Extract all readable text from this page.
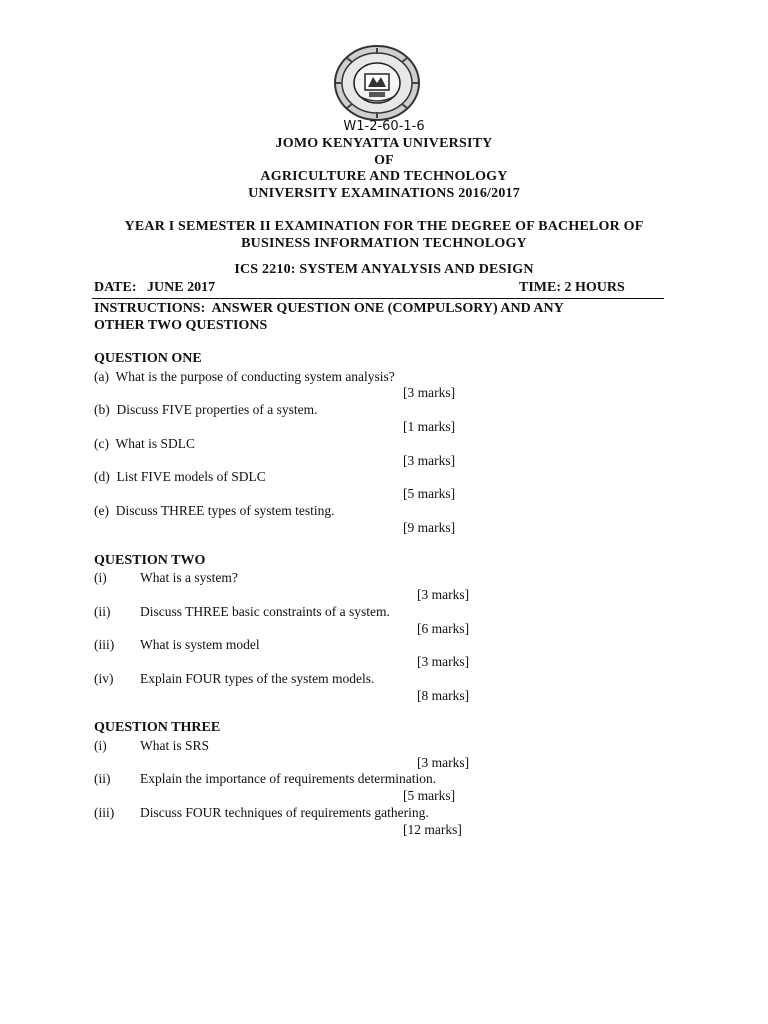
W1-2-60-1-6
JOMO KENYATTA UNIVERSITY
OF
AGRICULTURE AND TECHNOLOGY
UNIVERSITY EXAMINATIONS 2016/2017
YEAR I SEMESTER II EXAMINATION FOR THE DEGREE OF BACHELOR OF
BUSINESS INFORMATION TECHNOLOGY
ICS 2210: SYSTEM ANYALYSIS AND DESIGN
DATE:   JUNE 2017	TIME: 2 HOURS
INSTRUCTIONS:  ANSWER QUESTION ONE (COMPULSORY) AND ANY
OTHER TWO QUESTIONS
QUESTION ONE
(a)  What is the purpose of conducting system analysis?
[3 marks]
(b)  Discuss FIVE properties of a system.
[1 marks]
(c)  What is SDLC
[3 marks]
(d)  List FIVE models of SDLC
[5 marks]
(e)  Discuss THREE types of system testing.
[9 marks]
QUESTION TWO
(i) What is a system?
[3 marks]
(ii) Discuss THREE basic constraints of a system.
[6 marks]
(iii) What is system model
[3 marks]
(iv) Explain FOUR types of the system models.
[8 marks]
QUESTION THREE
(i) What is SRS
[3 marks]
(ii) Explain the importance of requirements determination.
[5 marks]
(iii) Discuss FOUR techniques of requirements gathering.
[12 marks]
